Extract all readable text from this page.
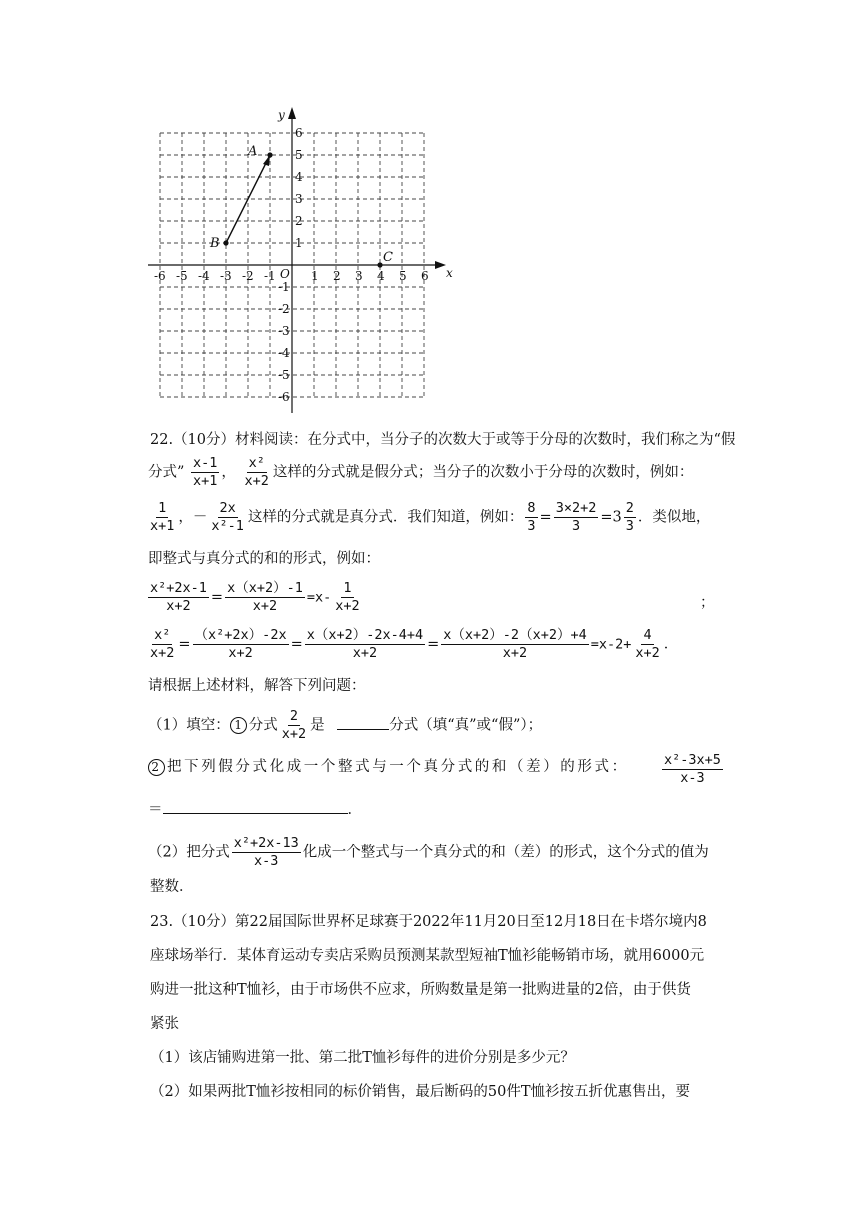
-6 -5 -4 -3 -2 -1	1 2 3 4 5 6
6
5
4
3
2
1
-1
-2
-3
-4
-5
-6
O	x
y
A
B
C
22.（10分）材料阅读：在分式中，当分子的次数大于或等于分母的次数时，我们称之为“假
分式” $\frac{x-1}{x+1}$ ， $\frac{\text{x²}}{x+2}$ 这样的分式就是假分式；当分子的次数小于分母的次数时，例如：
$\frac{1}{x+1}$ ，－ $\frac{2x}{\text{x²-1}}$ 这样的分式就是真分式．我们知道，例如： $\frac{8}{3} = \frac{3\times 2+2}{3} =3 \frac{2}{3}$ ．类似地，
即整式与真分式的和的形式，例如：
$\frac{\text{x²+2x-1}}{x+2} = \frac{x(x+2)-1}{x+2} =x- \frac{1}{x+2}$	；
$\frac{\text{x²}}{x+2} = \frac{\text{（x²+2x）-2x}}{x+2} = \frac{x(x+2)-2x-4+4}{x+2} = \frac{x(x+2)-2(x+2)+4}{x+2} =x-2+ \frac{4}{x+2}$ ．
请根据上述材料，解答下列问题：
（1）填空： 1 分式 $\frac{2}{x+2}$ 是	分式（填“真”或“假”）；
2 把下列假分式化成一个整式与一个真分式的和（差）的形式： $\frac{\text{x²-3x+5}}{x-3}$
＝	．
（2）把分式 $\frac{\text{x²+2x-13}}{x-3}$ 化成一个整式与一个真分式的和（差）的形式，这个分式的值为
整数．
23.（10分）第22届国际世界杯足球赛于2022年11月20日至12月18日在卡塔尔境内8
座球场举行．某体育运动专卖店采购员预测某款型短袖T恤衫能畅销市场，就用6000元
购进一批这种T恤衫，由于市场供不应求，所购数量是第一批购进量的2倍，由于供货
紧张
（1）该店铺购进第一批、第二批T恤衫每件的进价分别是多少元？
（2）如果两批T恤衫按相同的标价销售，最后断码的50件T恤衫按五折优惠售出，要
